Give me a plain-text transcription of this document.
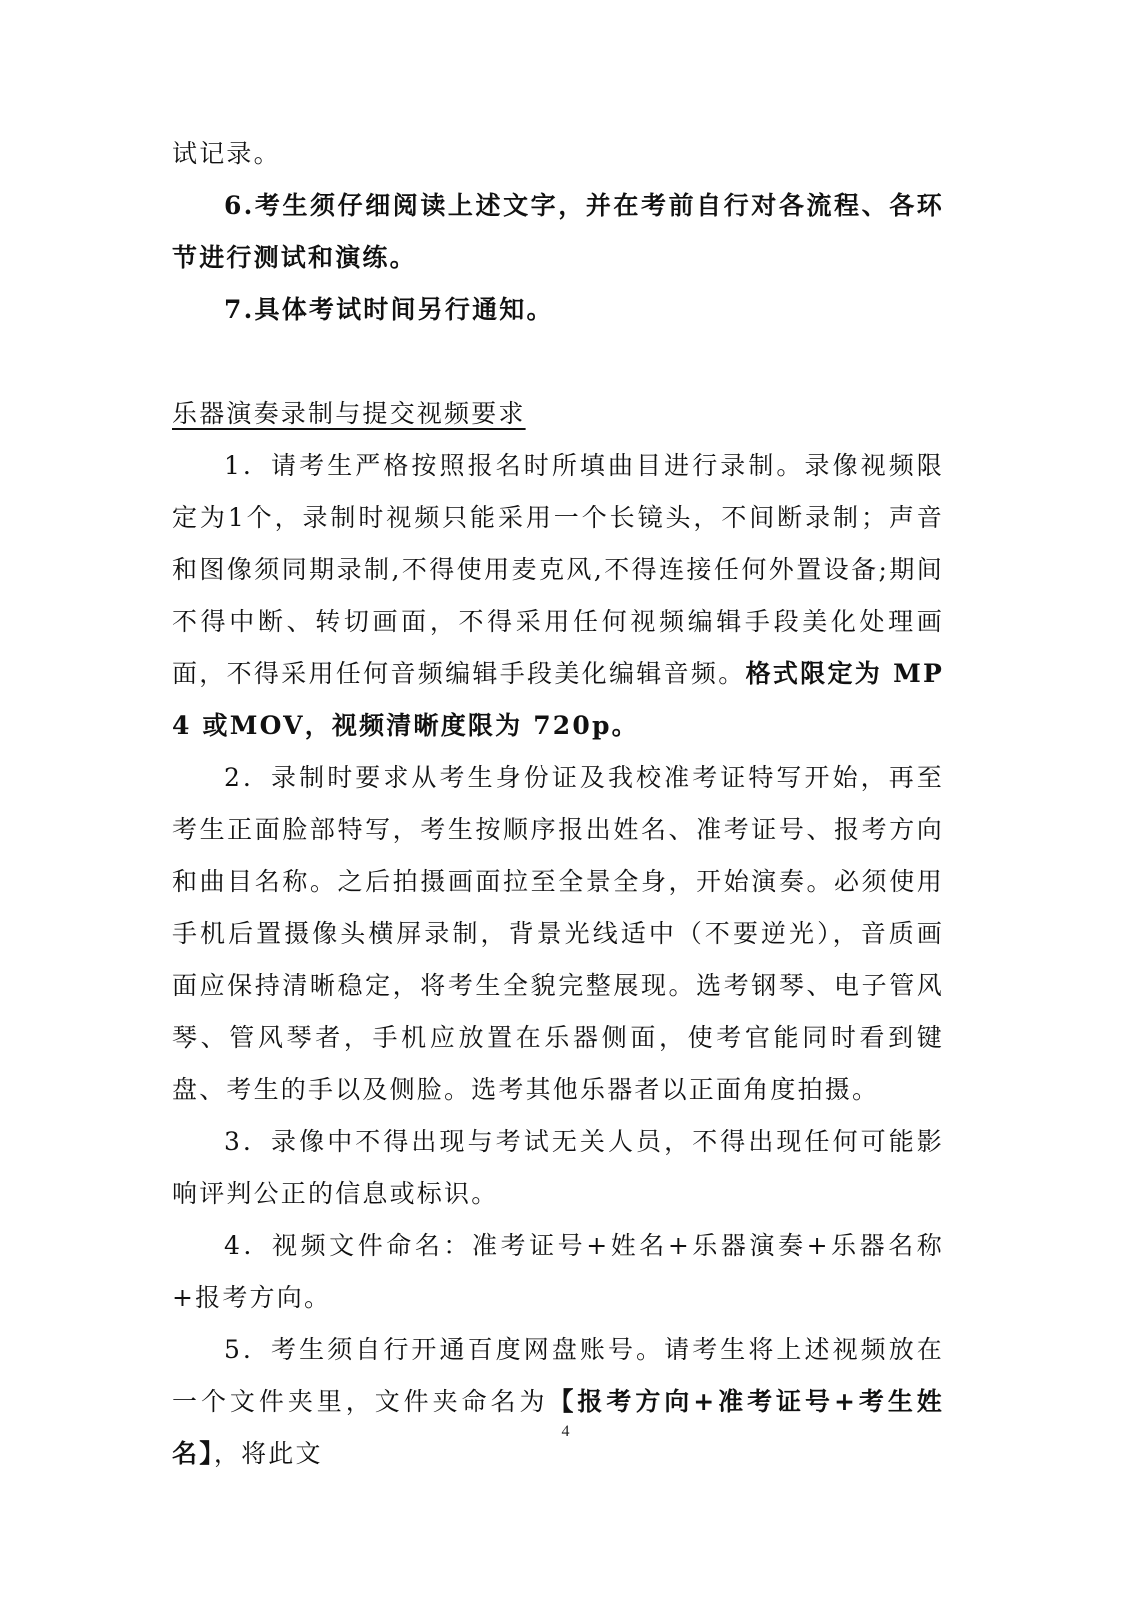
试记录。

6.考生须仔细阅读上述文字，并在考前自行对各流程、各环节进行测试和演练。

7.具体考试时间另行通知。

乐器演奏录制与提交视频要求

1．请考生严格按照报名时所填曲目进行录制。录像视频限定为1个，录制时视频只能采用一个长镜头，不间断录制；声音和图像须同期录制,不得使用麦克风,不得连接任何外置设备;期间不得中断、转切画面，不得采用任何视频编辑手段美化处理画面，不得采用任何音频编辑手段美化编辑音频。格式限定为 MP4 或MOV，视频清晰度限为 720p。

2．录制时要求从考生身份证及我校准考证特写开始，再至考生正面脸部特写，考生按顺序报出姓名、准考证号、报考方向和曲目名称。之后拍摄画面拉至全景全身，开始演奏。必须使用手机后置摄像头横屏录制，背景光线适中（不要逆光），音质画面应保持清晰稳定，将考生全貌完整展现。选考钢琴、电子管风琴、管风琴者，手机应放置在乐器侧面，使考官能同时看到键盘、考生的手以及侧脸。选考其他乐器者以正面角度拍摄。

3．录像中不得出现与考试无关人员，不得出现任何可能影响评判公正的信息或标识。

4．视频文件命名：准考证号+姓名+乐器演奏+乐器名称+报考方向。

5．考生须自行开通百度网盘账号。请考生将上述视频放在一个文件夹里，文件夹命名为【报考方向+准考证号+考生姓名】，将此文

4
